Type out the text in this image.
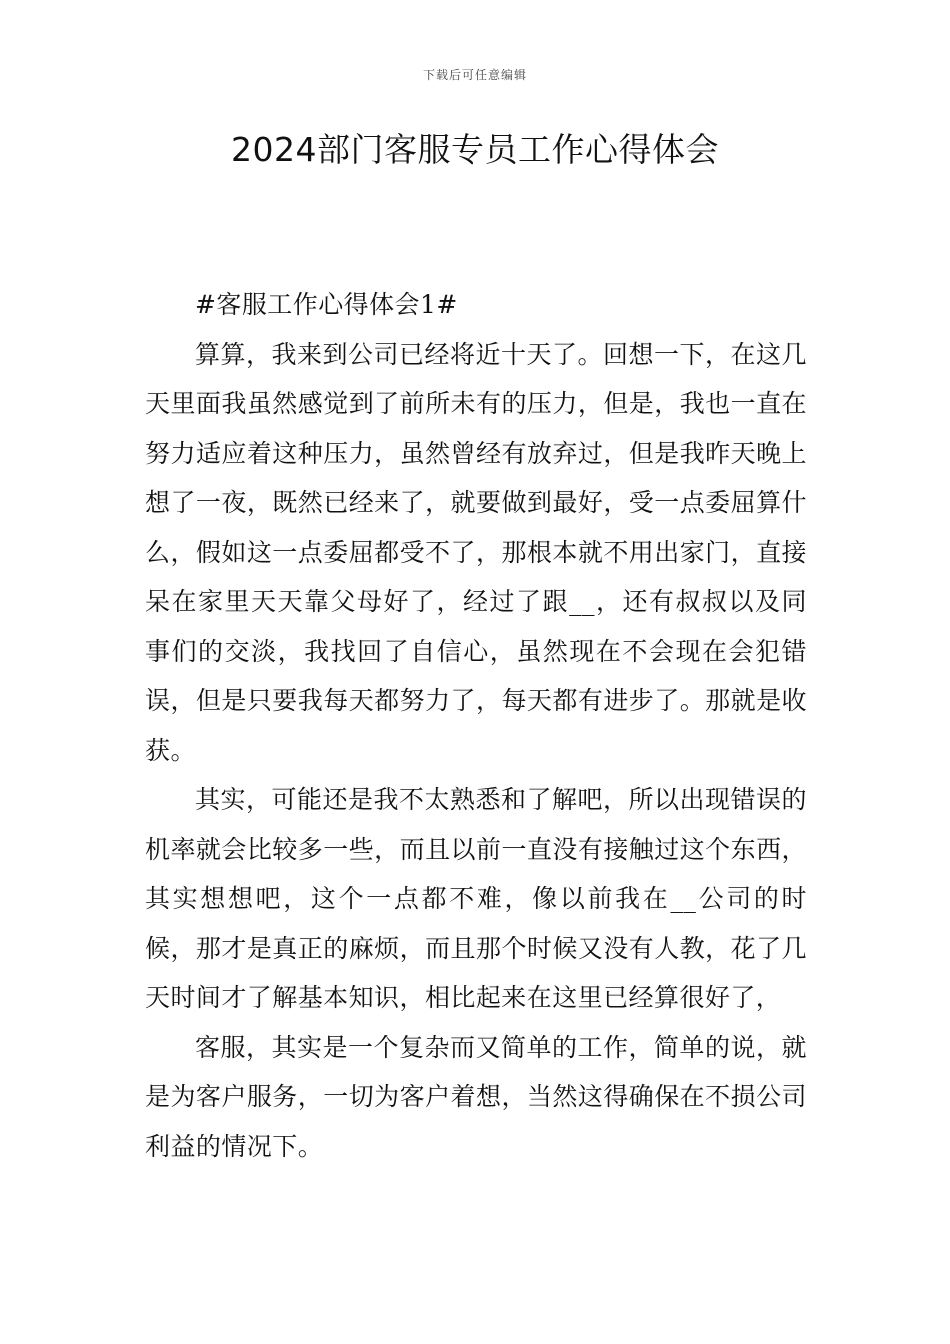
下载后可任意编辑
2024部门客服专员工作心得体会

#客服工作心得体会1#

算算，我来到公司已经将近十天了。回想一下，在这几天里面我虽然感觉到了前所未有的压力，但是，我也一直在努力适应着这种压力，虽然曾经有放弃过，但是我昨天晚上想了一夜，既然已经来了，就要做到最好，受一点委屈算什么，假如这一点委屈都受不了，那根本就不用出家门，直接呆在家里天天靠父母好了，经过了跟__，还有叔叔以及同事们的交淡，我找回了自信心，虽然现在不会现在会犯错误，但是只要我每天都努力了，每天都有进步了。那就是收获。

其实，可能还是我不太熟悉和了解吧，所以出现错误的机率就会比较多一些，而且以前一直没有接触过这个东西，其实想想吧，这个一点都不难，像以前我在__公司的时候，那才是真正的麻烦，而且那个时候又没有人教，花了几天时间才了解基本知识，相比起来在这里已经算很好了，

客服，其实是一个复杂而又简单的工作，简单的说，就是为客户服务，一切为客户着想，当然这得确保在不损公司利益的情况下。
